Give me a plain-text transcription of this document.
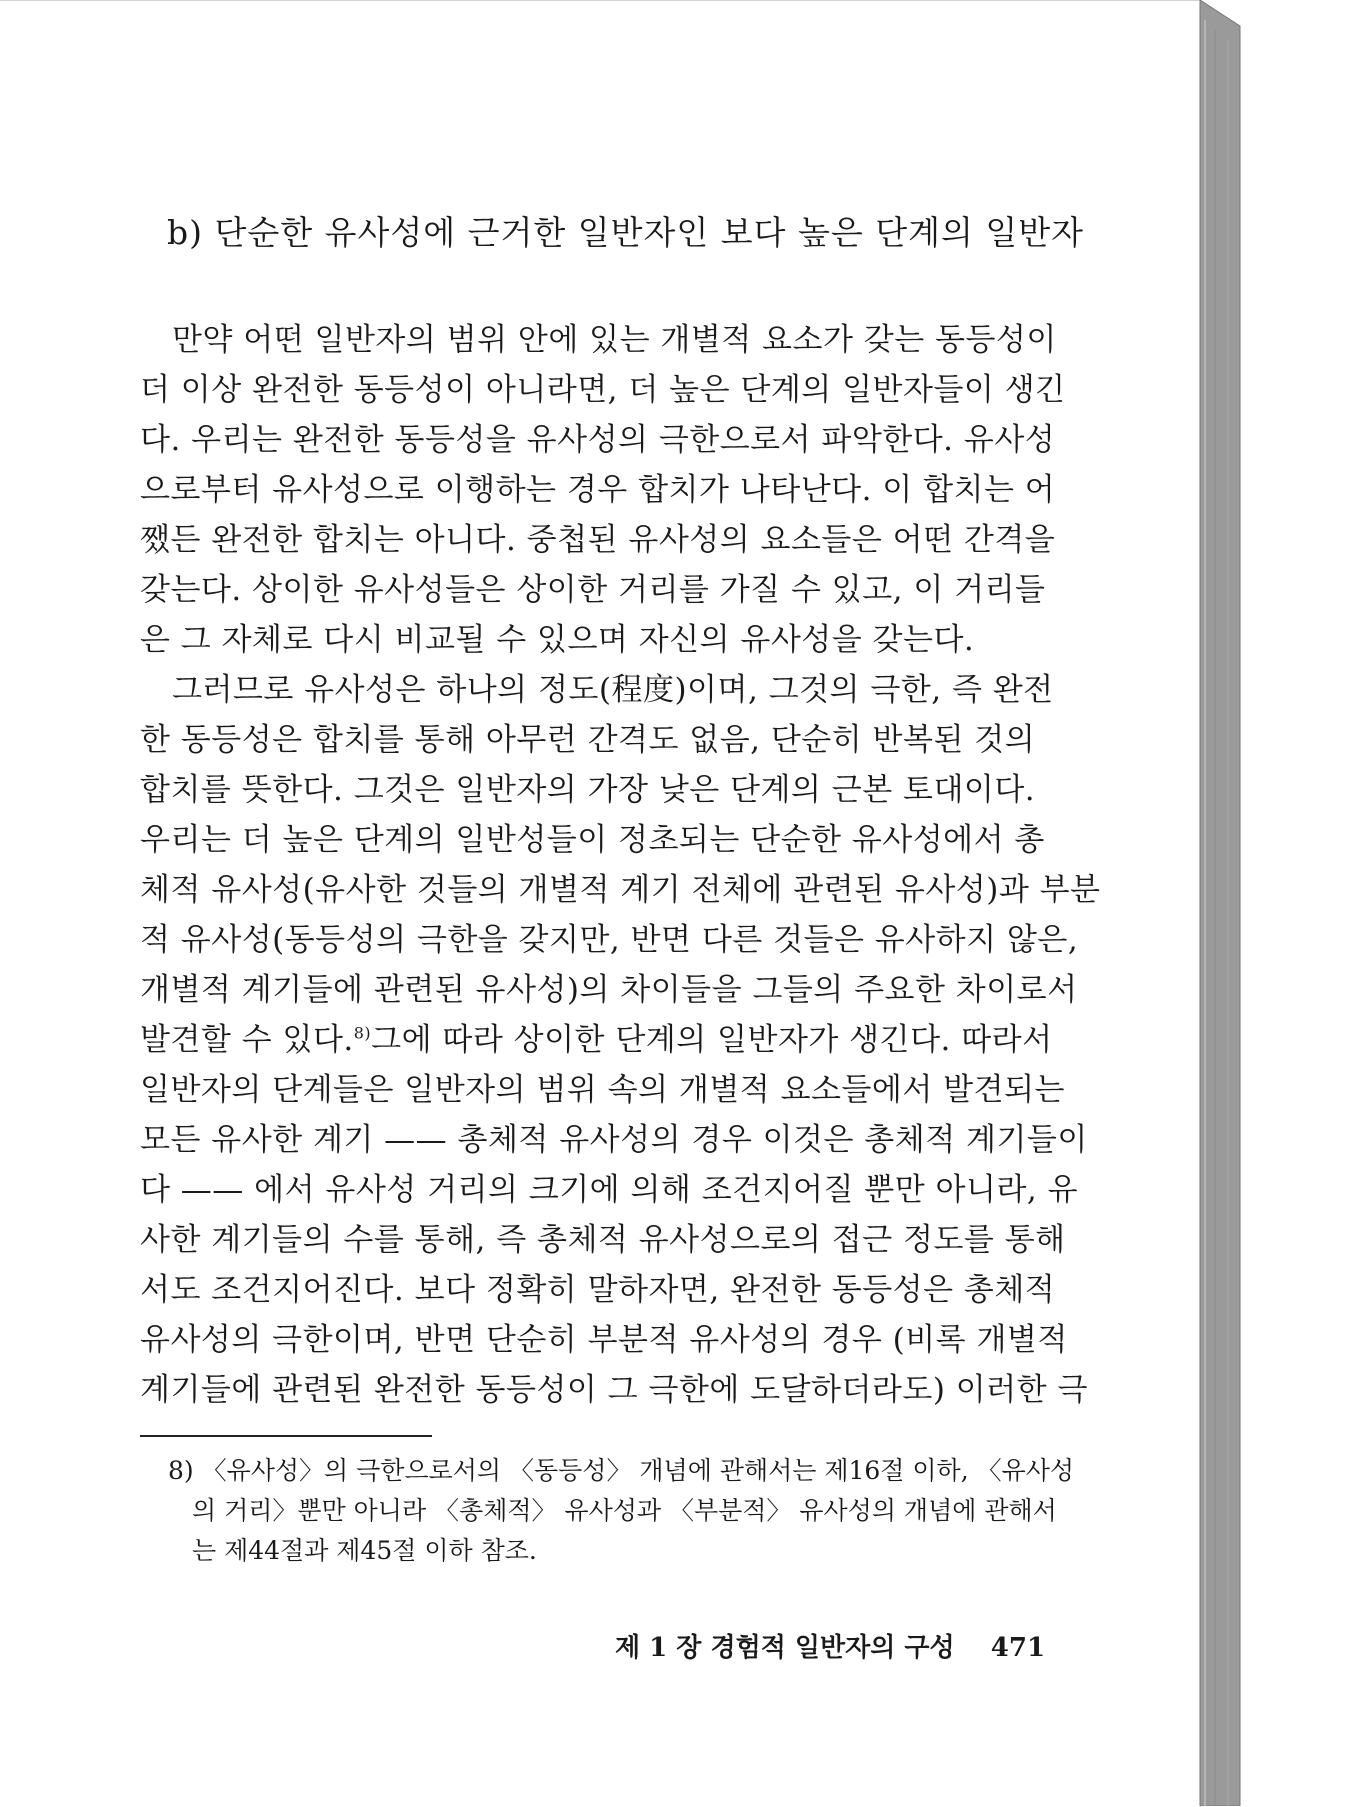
b) 단순한 유사성에 근거한 일반자인 보다 높은 단계의 일반자
만약 어떤 일반자의 범위 안에 있는 개별적 요소가 갖는 동등성이
더 이상 완전한 동등성이 아니라면, 더 높은 단계의 일반자들이 생긴
다. 우리는 완전한 동등성을 유사성의 극한으로서 파악한다. 유사성
으로부터 유사성으로 이행하는 경우 합치가 나타난다. 이 합치는 어
쨌든 완전한 합치는 아니다. 중첩된 유사성의 요소들은 어떤 간격을
갖는다. 상이한 유사성들은 상이한 거리를 가질 수 있고, 이 거리들
은 그 자체로 다시 비교될 수 있으며 자신의 유사성을 갖는다.
그러므로 유사성은 하나의 정도(程度)이며, 그것의 극한, 즉 완전
한 동등성은 합치를 통해 아무런 간격도 없음, 단순히 반복된 것의
합치를 뜻한다. 그것은 일반자의 가장 낮은 단계의 근본 토대이다.
우리는 더 높은 단계의 일반성들이 정초되는 단순한 유사성에서 총
체적 유사성(유사한 것들의 개별적 계기 전체에 관련된 유사성)과 부분
적 유사성(동등성의 극한을 갖지만, 반면 다른 것들은 유사하지 않은,
개별적 계기들에 관련된 유사성)의 차이들을 그들의 주요한 차이로서
발견할 수 있다.$^{8)}$ 그에 따라 상이한 단계의 일반자가 생긴다. 따라서
일반자의 단계들은 일반자의 범위 속의 개별적 요소들에서 발견되는
모든 유사한 계기 —— 총체적 유사성의 경우 이것은 총체적 계기들이
다 —— 에서 유사성 거리의 크기에 의해 조건지어질 뿐만 아니라, 유
사한 계기들의 수를 통해, 즉 총체적 유사성으로의 접근 정도를 통해
서도 조건지어진다. 보다 정확히 말하자면, 완전한 동등성은 총체적
유사성의 극한이며, 반면 단순히 부분적 유사성의 경우 (비록 개별적
계기들에 관련된 완전한 동등성이 그 극한에 도달하더라도) 이러한 극
8) 〈유사성〉의 극한으로서의 〈동등성〉 개념에 관해서는 제16절 이하, 〈유사성
의 거리〉뿐만 아니라 〈총체적〉 유사성과 〈부분적〉 유사성의 개념에 관해서
는 제44절과 제45절 이하 참조.
제 1 장 경험적 일반자의 구성 471
